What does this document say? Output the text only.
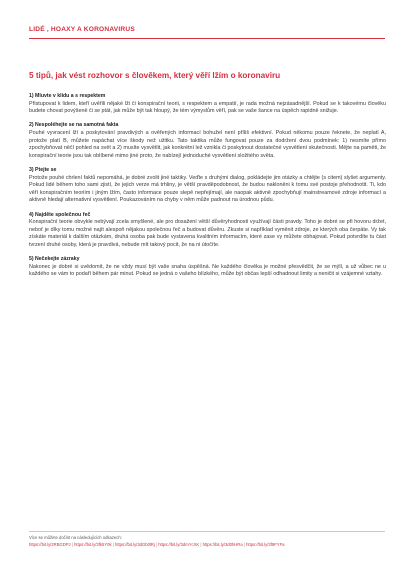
LIDÉ , HOAXY A KORONAVIRUS
5 tipů, jak vést rozhovor s člověkem, který věří lžím o koronaviru
1) Mluvte v klidu a s respektem
Přistupovat k lidem, kteří uvěřili nějaké lži či konspirační teorii, s respektem a empatií, je rada možná nejzásadnější. Pokud se k takovému člověku budete chovat povýšeně či se ptát, jak může být tak hloupý, že tém výmyslům věří, pak se vaše šance na úspěch rapidně snižuje.
2) Nespoléhejte se na samotná fakta
Pouhé vyvracení lží a poskytování pravdivých a ověřených informací bohužel není příliš efektivní. Pokud někomu pouze řeknete, že neplatí A, protože platí B, můžete napáchat více škody než užitku. Tato taktika může fungovat pouze za dodržení dvou podmínek: 1) nesmíte přímo zpochybňovat něčí pohled na svět a 2) musíte vysvětlit, jak konkrétní lež vznikla či poskytnout dostatečné vysvětlení skutečnosti. Mějte na paměti, že konspirační teorie jsou tak oblíbené mimo jiné proto, že nabízejí jednoduché vysvětlení složitého světa.
3) Ptejte se
Protože pouhé chrlení faktů nepomáhá, je dobré zvolit jiné taktiky. Veďte s druhými dialog, pokládejte jim otázky a chtějte (s citem) slyšet argumenty. Pokud lidé během toho sami zjistí, že jejich verze má trhliny, je větší pravděpodobnost, že budou nakloněni k tomu své postoje přehodnotit. Ti, kdo věří konspiračním teoriím i jiným lžím, často informace pouze slepě nepřejímají, ale naopak aktivně zpochybňují mainstreamové zdroje informací a aktivně hledají alternativní vysvětlení. Poukazováním na chyby v něm může padnout na úrodnou půdu.
4) Najděte společnou řeč
Konspirační teorie obvykle nebývají zcela smyšlené, ale pro dosažení větší důvěryhodnosti využívají části pravdy. Toho je dobré se při hovoru držet, neboť je díky tomu možné najít alespoň nějakou společnou řeč a budovat důvěru. Zkuste si například vyměnit zdroje, ze kterých oba čerpáte. Vy tak získáte materiál k dalším otázkám, druhá osoba pak bude vystavena kvalitním informacím, které zase vy můžete obhajovat. Pokud potvrdíte tu část tvrzení druhé osoby, která je pravdivá, nebude mít takový pocit, že na ni útočíte.
5) Nečekejte zázraky
Nakonec je dobré si uvědomit, že ne vždy musí být vaše snaha úspěšná. Ne každého člověka je možné přesvědčit, že se mýlí, a už vůbec ne u každého se vám to podaří během pár minut. Pokud se jedná o vašeho blízkého, může být občas lepší odhadnout limity a neničit si vzájemné vztahy.
Více se můžete dočíst na následujících odkazech:
https://bit.ly/2RBGDPJ | https://bit.ly/3fk5Y0k | https://bit.ly/3dGb0lRj | https://bit.ly/3dmYcXK | https://bit.ly/3d0hHRa | https://bit.ly/3f9FYFa
